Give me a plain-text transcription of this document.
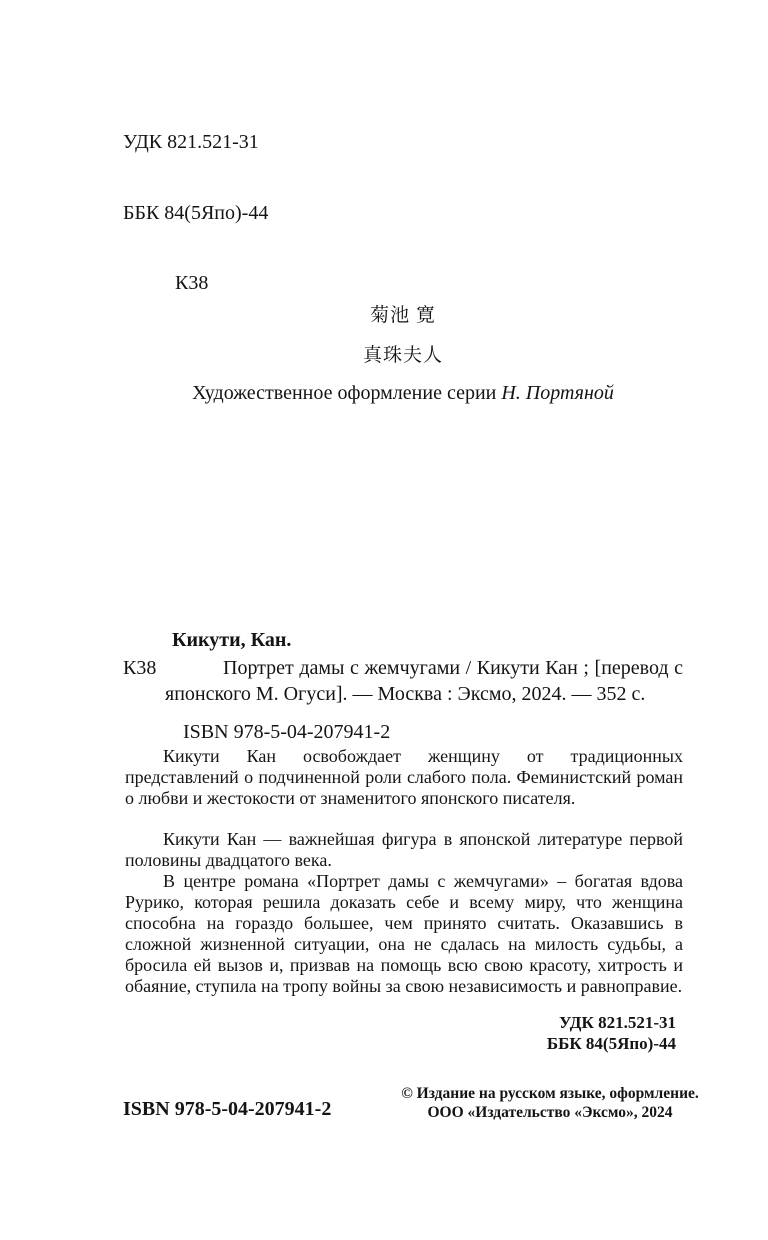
УДК 821.521-31

ББК 84(5Япо)-44

К38

菊池 寛
真珠夫人
Художественное оформление серии Н. Портяной
Кикути, Кан.
К38	Портрет дамы с жемчугами / Кикути Кан ; [перевод с японского М. Огуси]. — Москва : Эксмо, 2024. — 352 с.
ISBN 978-5-04-207941-2

Кикути Кан освобождает женщину от традиционных представлений о подчиненной роли слабого пола. Феминистский роман о любви и жестокости от знаменитого японского писателя.

Кикути Кан — важнейшая фигура в японской литературе первой половины двадцатого века.

В центре романа «Портрет дамы с жемчугами» – богатая вдова Рурико, которая решила доказать себе и всему миру, что женщина способна на гораздо большее, чем принято считать. Оказавшись в сложной жизненной ситуации, она не сдалась на милость судьбы, а бросила ей вызов и, призвав на помощь всю свою красоту, хитрость и обаяние, ступила на тропу войны за свою независимость и равноправие.

УДК 821.521-31
ББК 84(5Япо)-44
ISBN 978-5-04-207941-2
© Издание на русском языке, оформление.
ООО «Издательство «Эксмо», 2024
